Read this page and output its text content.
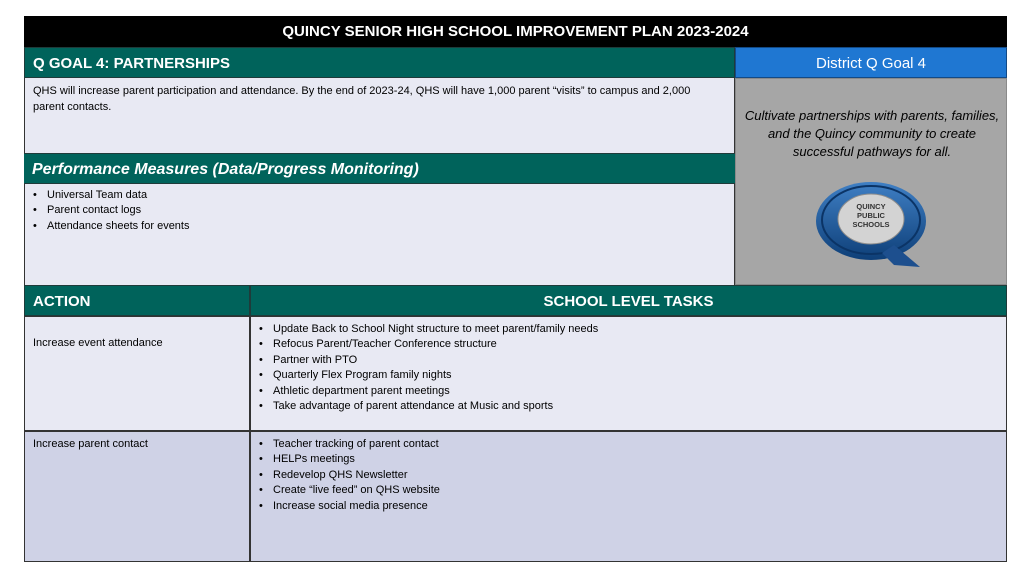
QUINCY SENIOR HIGH SCHOOL IMPROVEMENT PLAN 2023-2024
Q GOAL 4: PARTNERSHIPS	District Q Goal 4
QHS will increase parent participation and attendance. By the end of 2023-24, QHS will have 1,000 parent “visits” to campus and 2,000 parent contacts.
Cultivate partnerships with parents, families, and the Quincy community to create successful pathways for all.
QUINCY
PUBLIC
SCHOOLS
Performance Measures (Data/Progress Monitoring)
• Universal Team data
• Parent contact logs
• Attendance sheets for events
ACTION	SCHOOL LEVEL TASKS
Increase event attendance
• Update Back to School Night structure to meet parent/family needs
• Refocus Parent/Teacher Conference structure
• Partner with PTO
• Quarterly Flex Program family nights
• Athletic department parent meetings
• Take advantage of parent attendance at Music and sports
Increase parent contact
•	Teacher tracking of parent contact
• HELPs meetings
• Redevelop QHS Newsletter
• Create “live feed” on QHS website
• Increase social media presence
